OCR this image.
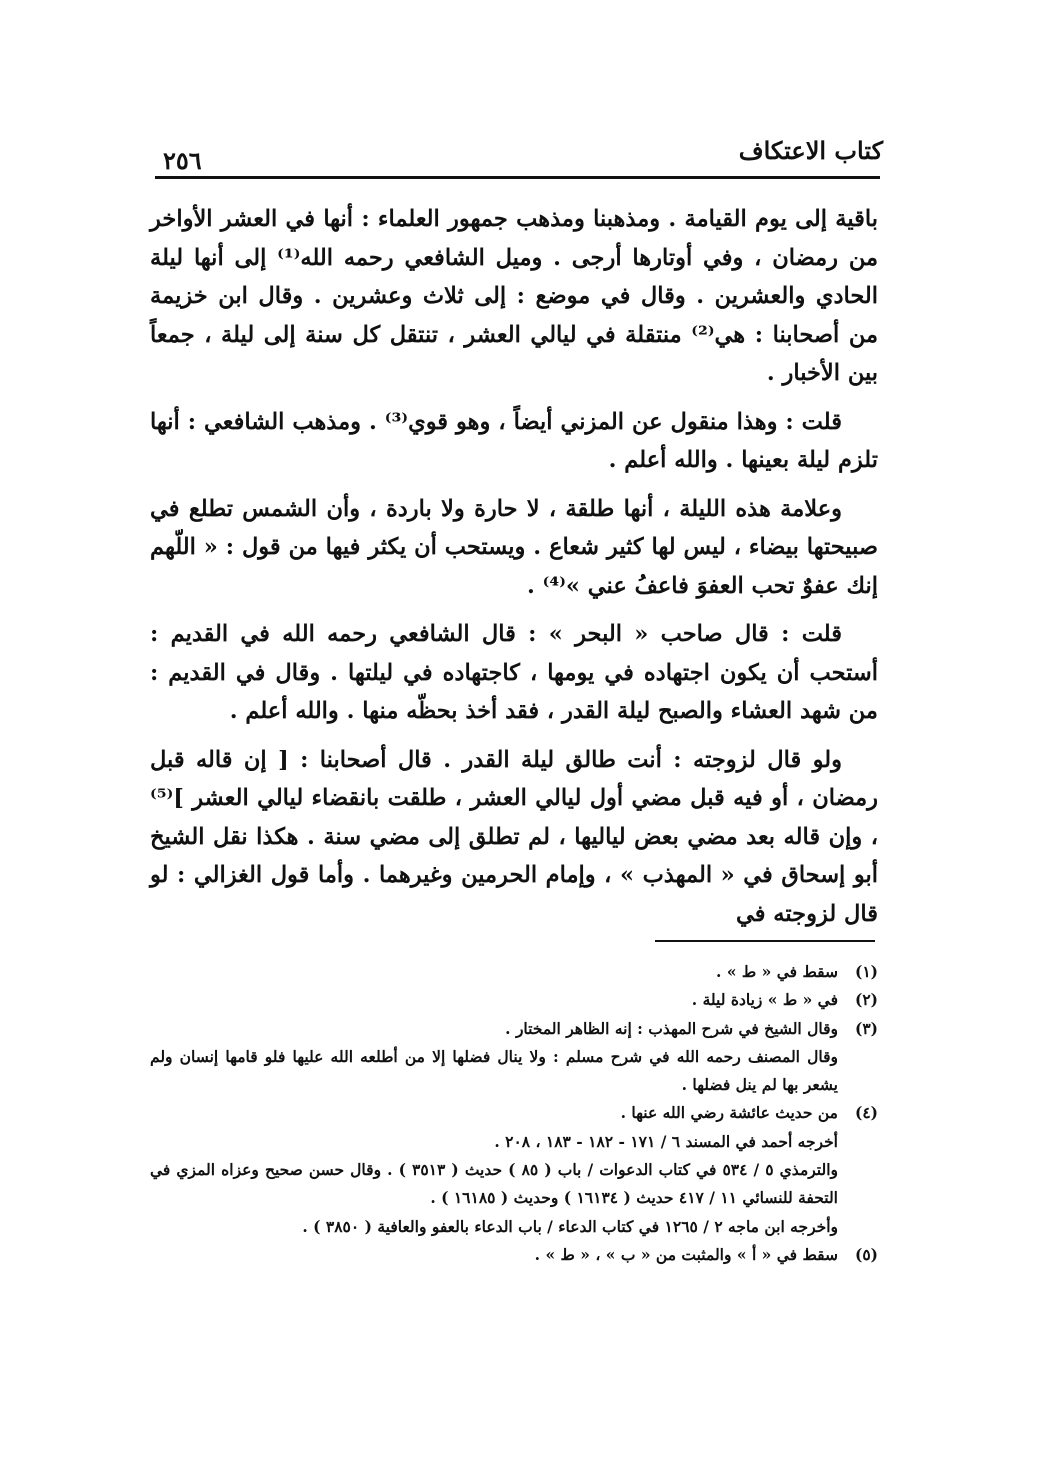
كتاب الاعتكاف
٢٥٦

باقية إلى يوم القيامة . ومذهبنا ومذهب جمهور العلماء : أنها في العشر الأواخر من رمضان ، وفي أوتارها أرجى . وميل الشافعي رحمه الله⁽¹⁾ إلى أنها ليلة الحادي والعشرين . وقال في موضع : إلى ثلاث وعشرين . وقال ابن خزيمة من أصحابنا : هي⁽²⁾ منتقلة في ليالي العشر ، تنتقل كل سنة إلى ليلة ، جمعاً بين الأخبار .

قلت : وهذا منقول عن المزني أيضاً ، وهو قوي⁽³⁾ . ومذهب الشافعي : أنها تلزم ليلة بعينها . والله أعلم .

وعلامة هذه الليلة ، أنها طلقة ، لا حارة ولا باردة ، وأن الشمس تطلع في صبيحتها بيضاء ، ليس لها كثير شعاع . ويستحب أن يكثر فيها من قول : « اللّهم إنك عفوٌ تحب العفوَ فاعفُ عني »⁽⁴⁾ .

قلت : قال صاحب « البحر » : قال الشافعي رحمه الله في القديم : أستحب أن يكون اجتهاده في يومها ، كاجتهاده في ليلتها . وقال في القديم : من شهد العشاء والصبح ليلة القدر ، فقد أخذ بحظّه منها . والله أعلم .

ولو قال لزوجته : أنت طالق ليلة القدر . قال أصحابنا : [ إن قاله قبل رمضان ، أو فيه قبل مضي أول ليالي العشر ، طلقت بانقضاء ليالي العشر ]⁽⁵⁾ ، وإن قاله بعد مضي بعض لياليها ، لم تطلق إلى مضي سنة . هكذا نقل الشيخ أبو إسحاق في « المهذب » ، وإمام الحرمين وغيرهما . وأما قول الغزالي : لو قال لزوجته في

(١)
سقط في « ط » .
(٢)
في « ط » زيادة ليلة .
(٣)
وقال الشيخ في شرح المهذب : إنه الظاهر المختار .
وقال المصنف رحمه الله في شرح مسلم : ولا ينال فضلها إلا من أطلعه الله عليها فلو قامها إنسان ولم يشعر بها لم ينل فضلها .
(٤)
من حديث عائشة رضي الله عنها .
أخرجه أحمد في المسند ٦ / ١٧١ - ١٨٢ - ١٨٣ ، ٢٠٨ .
والترمذي ٥ / ٥٣٤ في كتاب الدعوات / باب ( ٨٥ ) حديث ( ٣٥١٣ ) . وقال حسن صحيح وعزاه المزي في التحفة للنسائي ١١ / ٤١٧ حديث ( ١٦١٣٤ ) وحديث ( ١٦١٨٥ ) .
وأخرجه ابن ماجه ٢ / ١٢٦٥ في كتاب الدعاء / باب الدعاء بالعفو والعافية ( ٣٨٥٠ ) .
(٥)
سقط في « أ » والمثبت من « ب » ، « ط » .
